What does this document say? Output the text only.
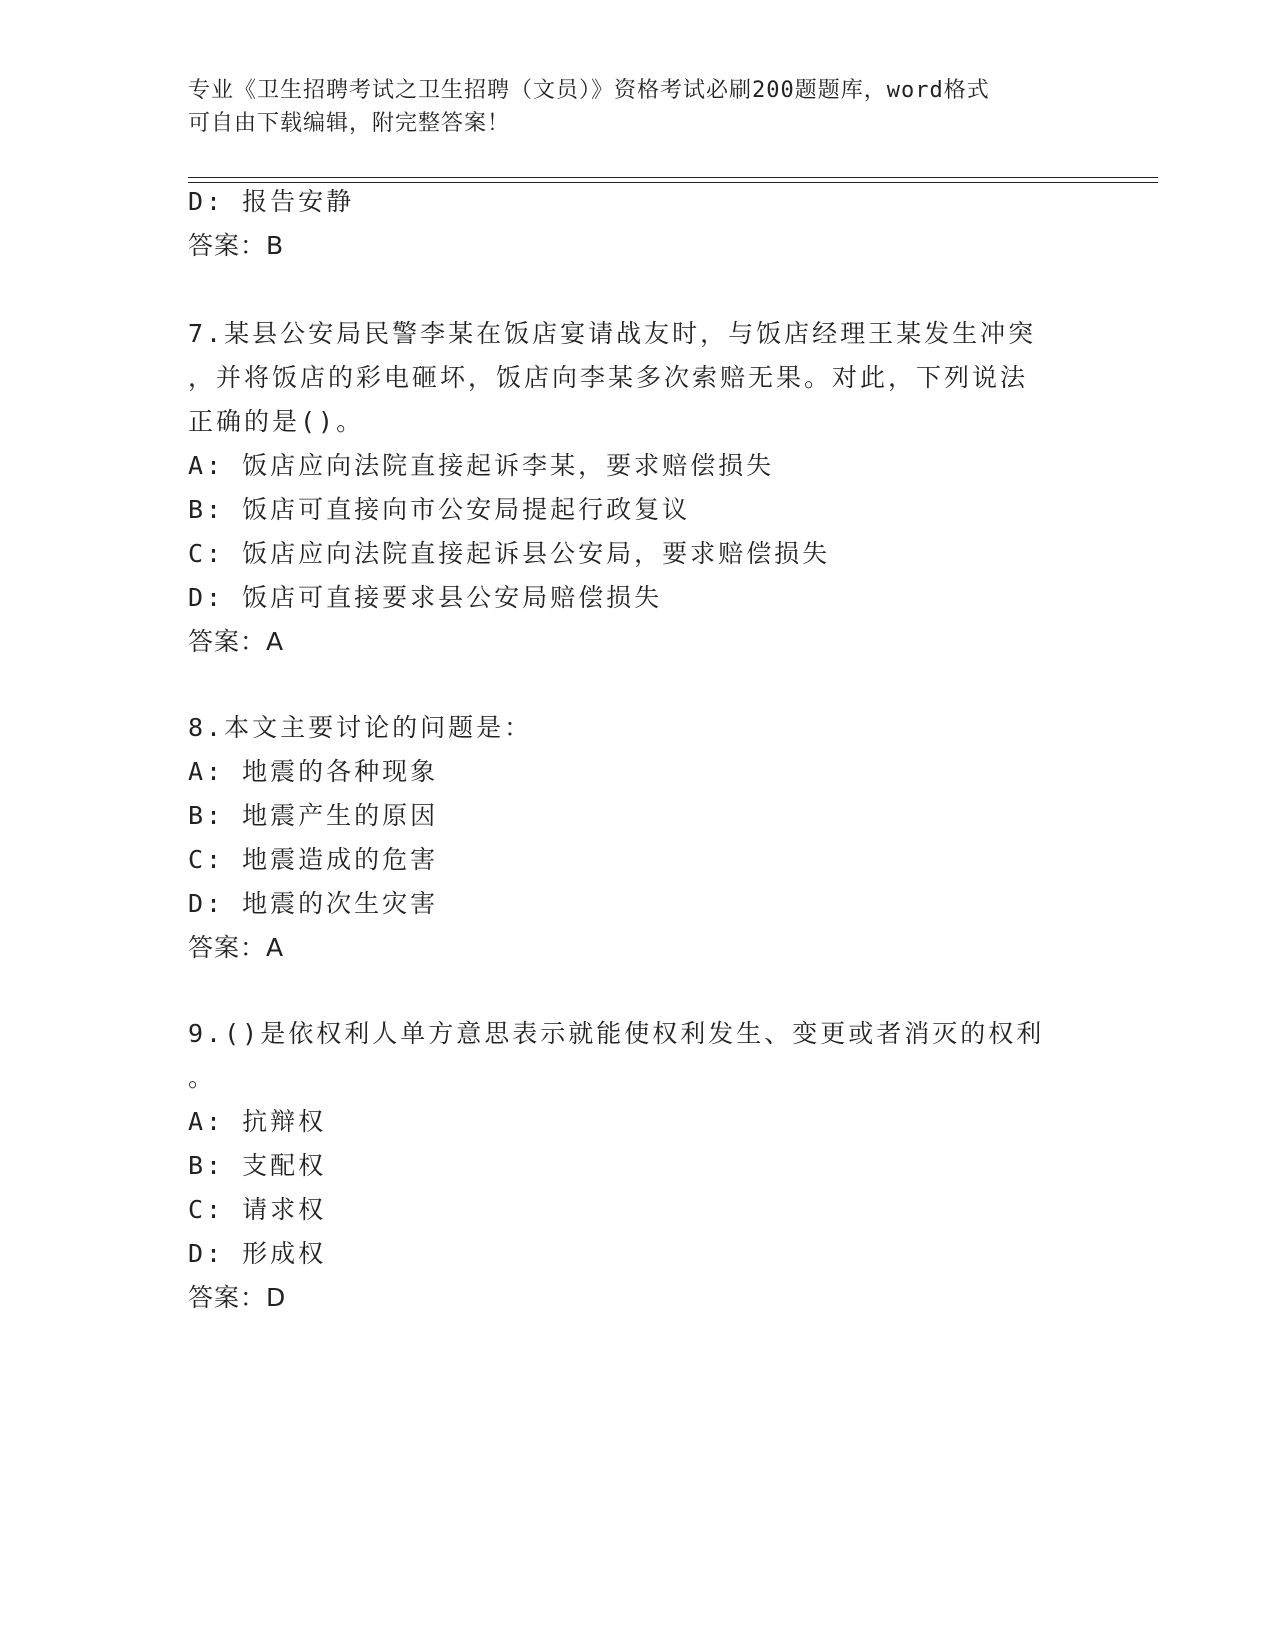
专业《卫生招聘考试之卫生招聘（文员）》资格考试必刷200题题库，word格式
可自由下载编辑，附完整答案！
D: 报告安静
答案：B
7.某县公安局民警李某在饭店宴请战友时，与饭店经理王某发生冲突
，并将饭店的彩电砸坏，饭店向李某多次索赔无果。对此，下列说法
正确的是()。
A: 饭店应向法院直接起诉李某，要求赔偿损失
B: 饭店可直接向市公安局提起行政复议
C: 饭店应向法院直接起诉县公安局，要求赔偿损失
D: 饭店可直接要求县公安局赔偿损失
答案：A
8.本文主要讨论的问题是：
A: 地震的各种现象
B: 地震产生的原因
C: 地震造成的危害
D: 地震的次生灾害
答案：A
9.()是依权利人单方意思表示就能使权利发生、变更或者消灭的权利
。
A: 抗辩权
B: 支配权
C: 请求权
D: 形成权
答案：D
